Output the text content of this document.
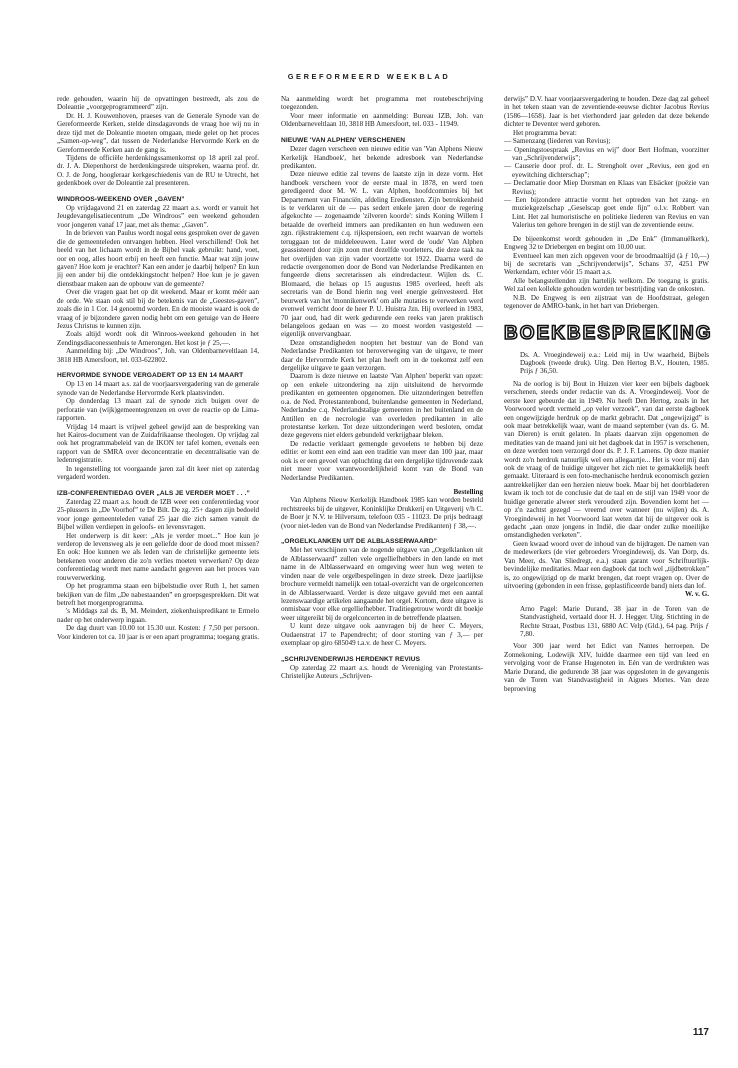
GEREFORMEERD WEEKBLAD

rede gehouden, waarin hij de opvattingen bestreedt, als zou de Doleantie „voorgeprogrammeerd” zijn.

Dr. H. J. Kouwenhoven, praeses van de Generale Synode van de Gereformeerde Kerken, stelde dinsdagavonds de vraag hoe wij nu in deze tijd met de Doleantie moeten omgaan, mede gelet op het proces „Samen-op-weg”, dat tussen de Nederlandse Hervormde Kerk en de Gereformeerde Kerken aan de gang is.

Tijdens de officiële herdenkingssamenkomst op 18 april zal prof. dr. J. A. Diepenhorst de herdenkingsrede uitspreken, waarna prof. dr. O. J. de Jong, hoogleraar kerkgeschiedenis van de RU te Utrecht, het gedenkboek over de Doleantie zal presenteren.

WINDROOS-WEEKEND OVER „GAVEN”

Op vrijdagavond 21 en zaterdag 22 maart a.s. wordt er vanuit het Jeugdevangelisatiecentrum „De Windroos” een weekend gehouden voor jongeren vanaf 17 jaar, met als thema: „Gaven”.

In de brieven van Paulus wordt nogal eens gesproken over de gaven die de gemeenteleden ontvangen hebben. Heel verschillend! Ook het beeld van het lichaam wordt in de Bijbel vaak gebruikt: hand, voet, oor en oog, alles hoort erbij en heeft een functie. Maar wat zijn jouw gaven? Hoe kom je erachter? Kan een ander je daarbij helpen? En kun jij een ander bij die ontdekkingstocht helpen? Hoe kun je je gaven dienstbaar maken aan de opbouw van de gemeente?

Over die vragen gaat het op dit weekend. Maar er komt méér aan de orde. We staan ook stil bij de betekenis van de „Geestes-gaven”, zoals die in 1 Cor. 14 genoemd worden. En de mooiste waard is ook de vraag of je bijzondere gaven nodig hebt om een getuige van de Heere Jezus Christus te kunnen zijn.

Zoals altijd wordt ook dit Winroos-weekend gehouden in het Zendingsdiaconessenhuis te Amerongen. Het kost je ƒ 25,—.

Aanmelding bij: „De Windroos”, Joh. van Oldenbarneveltlaan 14, 3818 HB Amersfoort, tel. 033-622802.

HERVORMDE SYNODE VERGADERT OP 13 EN 14 MAART

Op 13 en 14 maart a.s. zal de voorjaarsvergadering van de generale synode van de Nederlandse Hervormde Kerk plaatsvinden.

Op donderdag 13 maart zal de synode zich buigen over de perforatie van (wijk)gemeentegrenzen en over de reactie op de Lima-rapporten.

Vrijdag 14 maart is vrijwel geheel gewijd aan de bespreking van het Kairos-document van de Zuidafrikaanse theologen. Op vrijdag zal ook het programmabeleid van de IKON ter tafel komen, evenals een rapport van de SMRA over deconcentratie en decentralisatie van de ledenregistratie.

In tegenstelling tot voorgaande jaren zal dit keer niet op zaterdag vergaderd worden.

IZB-CONFERENTIEDAG OVER „ALS JE VERDER MOET . . .”

Zaterdag 22 maart a.s. houdt de IZB weer een conferentiedag voor 25-plussers in „De Voorhof” te De Bilt. De zg. 25+ dagen zijn bedoeld voor jonge gemeenteleden vanaf 25 jaar die zich samen vanuit de Bijbel willen verdiepen in geloofs- en levensvragen.

Het onderwerp is dit keer: „Als je verder moet...” Hoe kun je verderop de levensweg als je een geliefde door de dood moet missen? En ook: Hoe kunnen we als leden van de christelijke gemeente iets betekenen voor anderen die zo'n verlies moeten verwerken? Op deze conferentiedag wordt met name aandacht gegeven aan het proces van rouwverwerking.

Op het programma staan een bijbelstudie over Ruth 1, het samen bekijken van de film „De nabestaanden” en groepsgesprekken. Dit wat betreft het morgenprogramma.

's Middags zal ds. B, M. Meindert, ziekenhuispredikant te Ermelo nader op het onderwerp ingaan.

De dag duurt van 10.00 tot 15.30 uur. Kosten: ƒ 7,50 per persoon. Voor kinderen tot ca. 10 jaar is er een apart programma; toegang gratis.

Na aanmelding wordt het programma met routebeschrijving toegezonden.

Voor meer informatie en aanmelding: Bureau IZB, Joh. van Oldenbarneveltlaan 10, 3818 HB Amersfoort, tel. 033 - 11949.

NIEUWE 'VAN ALPHEN' VERSCHENEN

Dezer dagen verscheen een nieuwe editie van 'Van Alphens Nieuw Kerkelijk Handboek', het bekende adresboek van Nederlandse predikanten.

Deze nieuwe editie zal tevens de laatste zijn in deze vorm. Het handboek verscheen voor de eerste maal in 1878, en werd toen geredigeerd door M. W. L. van Alphen, hoofdcommies bij het Departement van Financiën, afdeling Erediensten. Zijn betrokkenheid is te verklaren uit de — pas sedert enkele jaren door de regering afgekochte — zogenaamde 'zilveren koorde': sinds Koning Willem I betaalde de overheid immers aan predikanten en hun weduwen een zgn. rijkstraktement c.q. rijkspensioen, een recht waarvan de wortels teruggaan tot de middeleeuwen. Later werd de 'oude' Van Alphen geassisteerd door zijn zoon met dezelfde voorletters, die deze taak na het overlijden van zijn vader voortzette tot 1922. Daarna werd de redactie overgenomen door de Bond van Nederlandse Predikanten en fungeerde diens secretarissen als eindredacteur. Wijlen ds. C. Blomaard, die helaas op 15 augustus 1985 overleed, heeft als secretaris van de Bond hierin nog veel energie geïnvesteerd. Het beurwerk van het 'monnikenwerk' om alle mutaties te verwerken werd evenwel verricht door de heer P. U. Huistra Jzn. Hij overleed in 1983, 70 jaar oud, had dit werk gedurende een reeks van jaren praktisch belangeloos gedaan en was — zo moest worden vastgesteld — eigenlijk onvervangbaar.

Deze omstandigheden noopten het bestuur van de Bond van Nederlandse Predikanten tot heroverweging van de uitgave, te meer daar de Hervormde Kerk het plan heeft om in de toekomst zelf een dergelijke uitgave te gaan verzorgen.

Daarom is deze nieuwe en laatste 'Van Alphen' beperkt van opzet: op een enkele uitzondering na zijn uitsluitend de hervormde predikanten en gemeenten opgenomen. Die uitzonderingen betreffen o.a. de Ned. Protestantenbond, buitenlandse gemeenten in Nederland, Nederlandse c.q. Nederlandstalige gemeenten in het buitenland en de Antillen en de necrologie van overleden predikanten in alle protestantse kerken. Tot deze uitzonderingen werd besloten, omdat deze gegevens niet elders gebundeld verkrijgbaar bleken.

De redactie verklaart gemengde gevoelens te hebben bij deze editie: er komt een eind aan een traditie van meer dan 100 jaar, maar ook is er een gevoel van opluchting dat een dergelijke tijdrovende zaak niet meer voor verantwoordelijkheid komt van de Bond van Nederlandse Predikanten.

Bestelling

Van Alphens Nieuw Kerkelijk Handboek 1985 kan worden besteld rechtstreeks bij de uitgever, Koninklijke Drukkerij en Uitgeverij v/h C. de Boer jr N.V. te Hilversum, telefoon 035 - 11023. De prijs bedraagt (voor niet-leden van de Bond van Nederlandse Predikanten) ƒ 38,—.

„ORGELKLANKEN UIT DE ALBLASSERWAARD”

Met het verschijnen van de nogende uitgave van „Orgelklanken uit de Alblasserwaard” zullen vele orgelliefhebbers in den lande en met name in de Alblasserwaard en omgeving weer hun weg weten te vinden naar de vele orgelbespelingen in deze streek. Deze jaarlijkse brochure vermeldt namelijk een totaal-overzicht van de orgelconcerten in de Alblasserwaard. Verder is deze uitgave gevuld met een aantal lezenswaardige artikelen aangaande het orgel. Kortom, deze uitgave is onmisbaar voor elke orgelliefhebber. Traditiegetrouw wordt dit boekje weer uitgereikt bij de orgelconcerten in de betreffende plaatsen.

U kunt deze uitgave ook aanvragen bij de heer C. Meyers, Oudaenstrat 17 te Papendrecht; of door storting van ƒ 3,— per exemplaar op giro 685049 t.a.v. de heer C. Meyers.

„SCHRIJVENDERWIJS HERDENKT REVIUS

Op zaterdag 22 maart a.s. houdt de Vereniging van Protestants-Christelijke Auteurs „Schrijven-

derwijs” D.V. haar voorjaarsvergadering te houden. Deze dag zal geheel in het teken staan van de zeventiende-eeuwse dichter Jacobus Revius (1586—1658). Jaar is het vierhonderd jaar geleden dat deze bekende dichter te Deventer werd geboren.

Het programma bevat:

— Samenzang (liederen van Revius);
— Openingstoespraak „Revius en wij” door Bert Hofman, voorzitter van „Schrijvenderwijs”;
— Causerie door prof. dr. L. Strengholt over „Revius, een god en eyewitching dichterschap”;
— Declamatie door Miep Dorsman en Klaas van Elsäcker (poëzie van Revius);
— Een bijzondere attractie vormt het optreden van het zang- en muziekgezelschap „Geselscap goet ende fijn” o.l.v. Robbert van Lint. Het zal humoristische en politieke liederen van Revius en van Valerius ten gehore brengen in de stijl van de zeventiende eeuw.

De bijeenkomst wordt gehouden in „De Enk” (Immanuëlkerk), Engweg 32 te Driebergen en begint om 10.00 uur.

Eventueel kan men zich opgeven voor de broodmaaltijd (à ƒ 10,—) bij de secretaris van „Schrijvenderwijs”, Schans 37, 4251 PW Werkendam, echter vóór 15 maart a.s.

Alle belangstellenden zijn hartelijk welkom. De toegang is gratis. Wel zal een kollekte gehouden worden ter bestrijding van de onkosten.

N.B. De Engweg is een zijstraat van de Hoofdstraat, gelegen tegenover de AMRO-bank, in het hart van Driebergen.

BOEKBESPREKING

Ds. A. Vroegindeweij e.a.: Leid mij in Uw waarheid, Bijbels Dagboek (tweede druk). Uitg. Den Hertog B.V., Houten, 1985. Prijs ƒ 36,50.

Na de oorlog is bij Bout in Huizen vier keer een bijbels dagboek verschenen, steeds onder redactie van ds. A. Vroegindeweij. Voor de eerste keer gebeurde dat in 1949. Nu heeft Den Hertog, zoals in het Voorwoord wordt vermeld „op veler verzoek”, van dat eerste dagboek een ongewijzigde herdruk op de markt gebracht. Dat „ongewijzigd” is ook maar betrekkelijk waar, want de maand september (van ds. G. M. van Dieren) is eruit gelaten. In plaats daarvan zijn opgenomen de meditaties van de maand juni uit het dagboek dat in 1957 is verschenen, en deze werden toen verzorgd door ds. P. J. F. Lamens. Op deze manier wordt zo'n herdruk natuurlijk wel een allegaartje... Het is voor mij dan ook de vraag of de huidige uitgever het zich niet te gemakkelijk heeft gemaakt. Uiteraard is een foto-mechanische herdruk economisch gezien aantrekkelijker dan een herzien nieuw boek. Maar bij het doorbladeren kwam ik toch tot de conclusie dat de taal en de stijl van 1949 voor de huidige generatie alweer sterk verouderd zijn. Bovendien komt het — op z'n zachtst gezegd — vreemd over wanneer (nu wijlen) ds. A. Vroegindeweij in het Voorwoord laat weten dat hij de uitgever ook is gedacht „aan onze jongens in Indië, die daar onder zulke moeilijke omstandigheden verketen”.

Geen kwaad woord over de inhoud van de bijdragen. De namen van de medewerkers (de vier gebroeders Vroegindeweij, ds. Van Dorp, ds. Van Meer, ds. Van Sliedregt, e.a.) staan garant voor Schriftuurlijk-bevindelijke meditaties. Maar een dagboek dat toch wel „tijdbetrokken” is, zo ongewijzigd op de markt brengen, dat roept vragen op. Over de uitvoering (gebonden in een frisse, geplastificeerde band) niets dan lof.

W. v. G.

Arno Pagel: Marie Durand, 38 jaar in de Toren van de Standvastigheid, vertaald door H. J. Hegger. Uitg. Stichting in de Rechte Straat, Postbus 131, 6880 AC Velp (Gld.), 64 pag. Prijs ƒ 7,80.

Voor 300 jaar werd het Edict van Nantes herroepen. De Zonnekoning, Lodewijk XIV, luidde daarmee een tijd van leed en vervolging voor de Franse Hugenoten in. Eén van de verdrukten was Marie Durand, die gedurende 38 jaar was opgesloten in de gevangenis van de Toren van Standvastigheid in Aigues Mortes. Van deze beproeving

117
